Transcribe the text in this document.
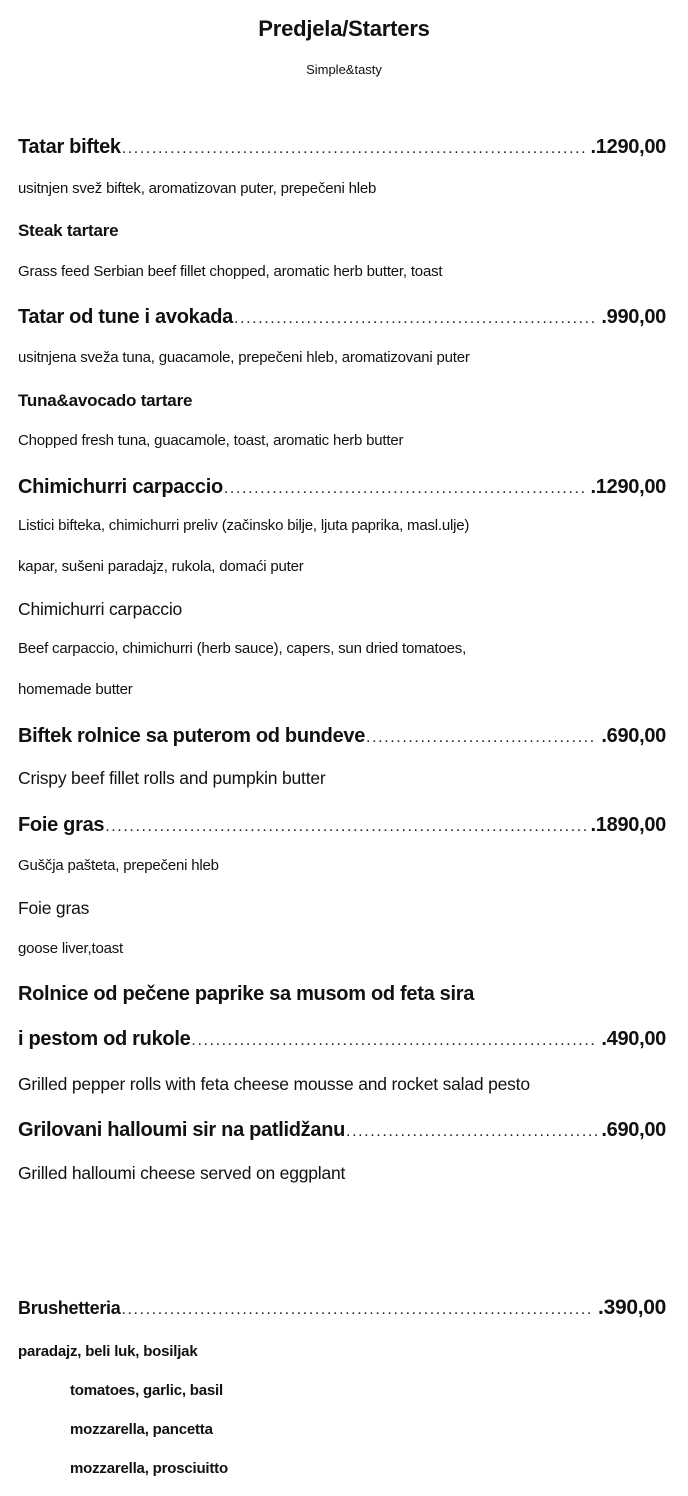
Predjela/Starters
Simple&tasty
Tatar biftek .....	.1290,00
usitnjen svež biftek, aromatizovan puter, prepečeni hleb
Steak tartare
Grass feed Serbian beef fillet chopped, aromatic herb butter, toast
Tatar od tune i avokada .....	.990,00
usitnjena sveža tuna, guacamole, prepečeni hleb, aromatizovani puter
Tuna&avocado tartare
Chopped fresh tuna, guacamole, toast, aromatic herb butter
Chimichurri carpaccio .....	.1290,00
Listici bifteka, chimichurri preliv (začinsko bilje, ljuta paprika, masl.ulje)
kapar, sušeni paradajz, rukola, domaći puter
Chimichurri carpaccio
Beef carpaccio, chimichurri (herb sauce), capers, sun dried tomatoes,
homemade butter
Biftek rolnice sa puterom od bundeve .....	.690,00
Crispy beef fillet rolls and pumpkin butter
Foie gras .....	.1890,00
Guščja pašteta, prepečeni hleb
Foie gras
goose liver,toast
Rolnice od pečene paprike sa musom od feta sira
i pestom od rukole .....	.490,00
Grilled pepper rolls with feta cheese mousse and rocket salad pesto
Grilovani halloumi sir na patlidžanu .....	.690,00
Grilled halloumi cheese served on eggplant
Brushetteria .....	.390,00
paradajz, beli luk, bosiljak
tomatoes, garlic, basil
mozzarella, pancetta
mozzarella, prosciuitto
